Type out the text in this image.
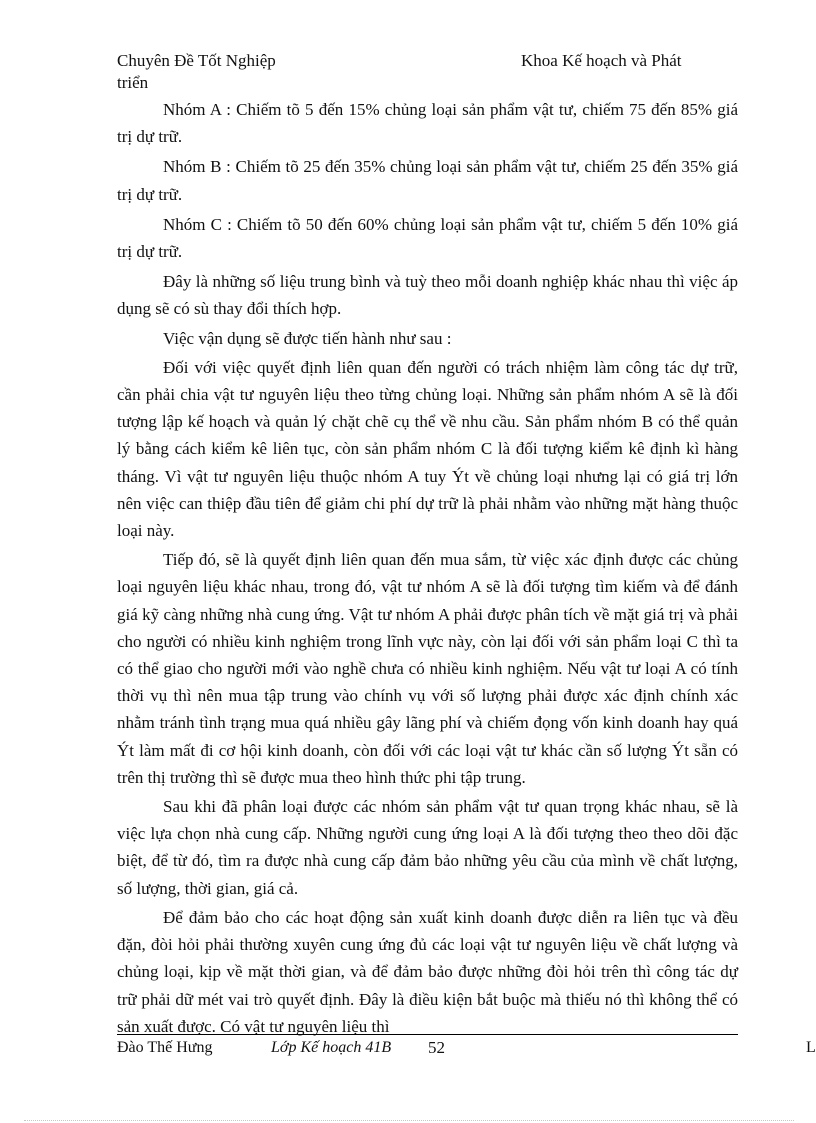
Chuyên Đề Tốt Nghiệp
triển
Khoa Kế hoạch và Phát

Nhóm A : Chiếm tõ 5 đến 15% chủng loại sản phẩm vật tư, chiếm 75 đến 85% giá trị dự trữ.

Nhóm B : Chiếm tõ 25 đến 35% chủng loại sản phẩm vật tư, chiếm 25 đến 35% giá trị dự trữ.

Nhóm C : Chiếm tõ 50 đến 60% chủng loại sản phẩm vật tư, chiếm 5 đến 10% giá trị dự trữ.

Đây là những số liệu trung bình và tuỳ theo mỗi doanh nghiệp khác nhau thì việc áp dụng sẽ có sù thay đổi thích hợp.

Việc vận dụng sẽ được tiến hành như sau :

Đối với việc quyết định liên quan đến người có trách nhiệm làm công tác dự trữ, cần phải chia vật tư nguyên liệu theo từng chủng loại. Những sản phẩm nhóm A sẽ là đối tượng lập kế hoạch và quản lý chặt chẽ cụ thể về nhu cầu. Sản phẩm nhóm B có thể quản lý bằng cách kiểm kê liên tục, còn sản phẩm nhóm C là đối tượng kiểm kê định kì hàng tháng. Vì vật tư nguyên liệu thuộc nhóm A tuy Ýt về chủng loại nhưng lại có giá trị lớn nên việc can thiệp đầu tiên để giảm chi phí dự trữ là phải nhằm vào những mặt hàng thuộc loại này.

Tiếp đó, sẽ là quyết định liên quan đến mua sắm, từ việc xác định được các chủng loại nguyên liệu khác nhau, trong đó, vật tư nhóm A sẽ là đối tượng tìm kiếm và để đánh giá kỹ càng những nhà cung ứng. Vật tư nhóm A phải được phân tích về mặt giá trị và phải cho người có nhiều kinh nghiệm trong lĩnh vực này, còn lại đối với sản phẩm loại C thì ta có thể giao cho người mới vào nghề chưa có nhiều kinh nghiệm. Nếu vật tư loại A có tính thời vụ thì nên mua tập trung vào chính vụ với số lượng phải được xác định chính xác nhằm tránh tình trạng mua quá nhiều gây lãng phí và chiếm đọng vốn kinh doanh hay quá Ýt làm mất đi cơ hội kinh doanh, còn đối với các loại vật tư khác cần số lượng Ýt sẵn có trên thị trường thì sẽ được mua theo hình thức phi tập trung.

Sau khi đã phân loại được các nhóm sản phẩm vật tư quan trọng khác nhau, sẽ là việc lựa chọn nhà cung cấp. Những người cung ứng loại A là đối tượng theo theo dõi đặc biệt, để từ đó, tìm ra được nhà cung cấp đảm bảo những yêu cầu của mình về chất lượng, số lượng, thời gian, giá cả.

Để đảm bảo cho các hoạt động sản xuất kinh doanh được diễn ra liên tục và đều đặn, đòi hỏi phải thường xuyên cung ứng đủ các loại vật tư nguyên liệu về chất lượng và chủng loại, kịp về mặt thời gian, và để đảm bảo được những đòi hỏi trên thì công tác dự trữ phải dữ mét vai trò quyết định. Đây là điều kiện bắt buộc mà thiếu nó thì không thể có sản xuất được. Có vật tư nguyên liệu thì

Đào Thế Hưng	Lớp Kế hoạch 41B 52	L
